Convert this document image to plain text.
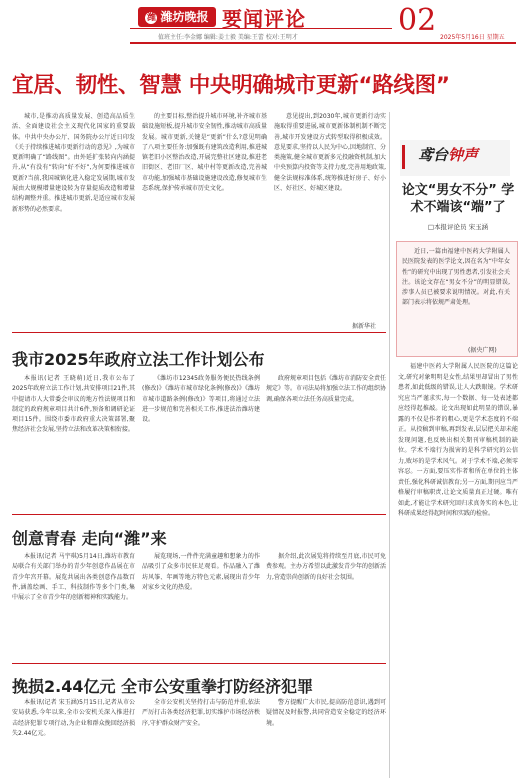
潍 潍坊晚报 要闻评论	02
值班主任:李金娜 编辑:姜士毅 美编:王蕾 校对:王明才	2025年5月16日 星期五
宜居、韧性、智慧 中央明确城市更新“路线图”

城市,是推动高质量发展、创造高品质生活、全面建设社会主义现代化国家的重要载体。中共中央办公厅、国务院办公厅近日印发《关于持续推进城市更新行动的意见》,为城市更新明确了“路线图”。由外延扩张转向内涵提升,从“有没有”转向“好不好”,为何要推进城市更新?当前,我国城镇化进入稳定发展期,城市发展由大规模增量建设转为存量提质改造和增量结构调整并重。推进城市更新,是适应城市发展新形势的必然要求。

的主要目标,整治提升城市环境,补齐城市基础设施短板,提升城市安全韧性,推动城市高质量发展。城市更新,关键是“更新”什么?意见明确了八项主要任务:加强既有建筑改造利用,推进城镇老旧小区整治改造,开展完整社区建设,推进老旧街区、老旧厂区、城中村等更新改造,完善城市功能,加强城市基础设施建设改造,修复城市生态系统,保护传承城市历史文化。

意见提出,到2030年,城市更新行动实施取得重要进展,城市更新体制机制不断完善,城市开发建设方式转型取得积极成效。意见要求,坚持以人民为中心,因地制宜、分类施策,健全城市更新多元投融资机制,加大中央预算内投资等支持力度,完善用地政策,健全法规标准体系,统筹推进好房子、好小区、好社区、好城区建设。

据新华社
我市2025年政府立法工作计划公布

本报讯(记者 王晓萌)近日,我市公布了2025年政府立法工作计划,共安排项目21件,其中提请市人大常委会审议的地方性法规项目和制定的政府规章项目共计6件,预备和调研论证项目15件。围绕市委市政府重大决策部署,聚焦经济社会发展,坚持立法和改革决策相衔接。

《潍坊市12345政务服务便民热线条例(修改)》《潍坊市城市绿化条例(修改)》《潍坊市城市道路条例(修改)》等项目,将通过立法进一步规范和完善相关工作,推进法治潍坊建设。

政府规章项目包括《潍坊市消防安全责任规定》等。市司法局将加强立法工作的组织协调,确保各项立法任务高质量完成。

创意青春 走向“潍”来

本报讯(记者 马宇琪)5月14日,潍坊市教育局联合有关部门举办的青少年创意作品展在市青少年宫开幕。展览共展出各类创意作品数百件,涵盖绘画、手工、科技制作等多个门类,集中展示了全市青少年的创新精神和实践能力。

展览现场,一件件充满童趣和想象力的作品吸引了众多市民驻足观看。作品融入了潍坊风筝、年画等地方特色元素,展现出青少年对家乡文化的热爱。

据介绍,此次展览将持续至月底,市民可免费参观。主办方希望以此激发青少年的创新活力,营造崇尚创新的良好社会氛围。

挽损2.44亿元 全市公安重拳打防经济犯罪

本报讯(记者 宋玉涵)5月15日,记者从市公安局获悉,今年以来,全市公安机关深入推进打击经济犯罪专项行动,为企业和群众挽回经济损失2.44亿元。

全市公安机关坚持打击与防范并重,依法严厉打击各类经济犯罪,切实维护市场经济秩序,守护群众财产安全。

警方提醒广大市民,提高防范意识,遇到可疑情况及时报警,共同营造安全稳定的经济环境。

鸢台钟声
论文“男女不分” 学术不端该“端”了
□本报评论员 宋玉涵

近日,一篇由福建中医药大学附属人民医院发表的医学论文,因在名为“中年女性”的研究中出现了男性患者,引发社会关注。该论文存在“男女不分”的明显错误,涉事人员已被要求说明情况。对此,有关部门表示将依规严肃处理。

(据央广网)

福建中医药大学附属人民医院的这篇论文,研究对象明明是女性,结果里却冒出了男性患者,如此低级的错误,让人大跌眼镜。学术研究应当严谨求实,每一个数据、每一处表述都应经得起推敲。论文出现如此明显的错误,暴露的不仅是作者的粗心,更是学术态度的不端正。从投稿到审稿,再到发表,层层把关却未能发现问题,也反映出相关期刊审稿机制的缺位。学术不端行为损害的是科学研究的公信力,败坏的是学术风气。对于学术不端,必须零容忍。一方面,要压实作者和所在单位的主体责任,强化科研诚信教育;另一方面,期刊应当严格履行审稿职责,让论文质量真正过硬。唯有如此,才能让学术研究回归求真务实的本色,让科研成果经得起时间和实践的检验。
